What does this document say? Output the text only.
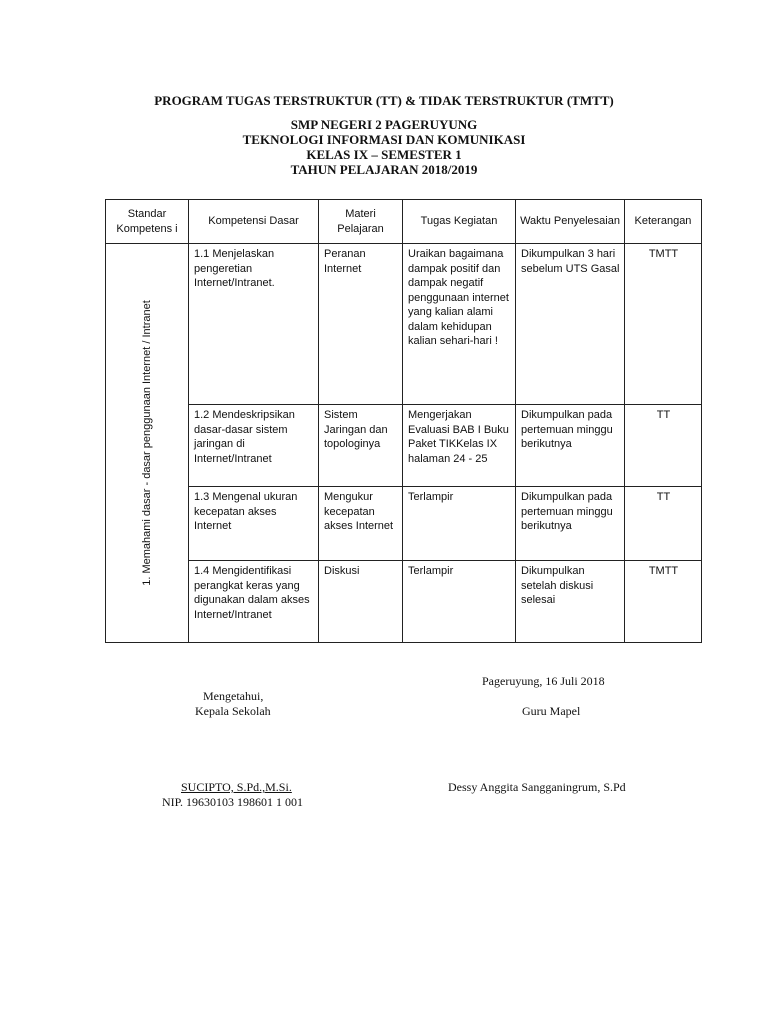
PROGRAM TUGAS TERSTRUKTUR (TT) & TIDAK TERSTRUKTUR (TMTT)
SMP NEGERI 2 PAGERUYUNG
TEKNOLOGI INFORMASI DAN KOMUNIKASI
KELAS IX – SEMESTER 1
TAHUN PELAJARAN 2018/2019
Standar Kompetens i	Kompetensi Dasar	Materi Pelajaran	Tugas Kegiatan	Waktu Penyelesaian	Keterangan

1. Memahami dasar - dasar penggunaan Internet / Intranet	1.1 Menjelaskan pengeretian Internet/Intranet.	Peranan Internet	Uraikan bagaimana dampak positif dan dampak negatif penggunaan internet yang kalian alami dalam kehidupan kalian sehari-hari !	Dikumpulkan 3 hari sebelum UTS Gasal	TMTT
	1.2 Mendeskripsikan dasar-dasar sistem jaringan di Internet/Intranet	Sistem Jaringan dan topologinya	Mengerjakan Evaluasi BAB I Buku Paket TIKKelas IX halaman 24 - 25	Dikumpulkan pada pertemuan minggu berikutnya	TT
	1.3 Mengenal ukuran kecepatan akses Internet	Mengukur kecepatan akses Internet	Terlampir	Dikumpulkan pada pertemuan minggu berikutnya	TT
	1.4 Mengidentifikasi perangkat keras yang digunakan dalam akses Internet/Intranet	Diskusi	Terlampir	Dikumpulkan setelah diskusi selesai	TMTT
Pageruyung, 16 Juli 2018
Mengetahui,
Kepala Sekolah	Guru Mapel
SUCIPTO, S.Pd.,M.Si.	Dessy Anggita Sangganingrum, S.Pd
NIP. 19630103 198601 1 001
